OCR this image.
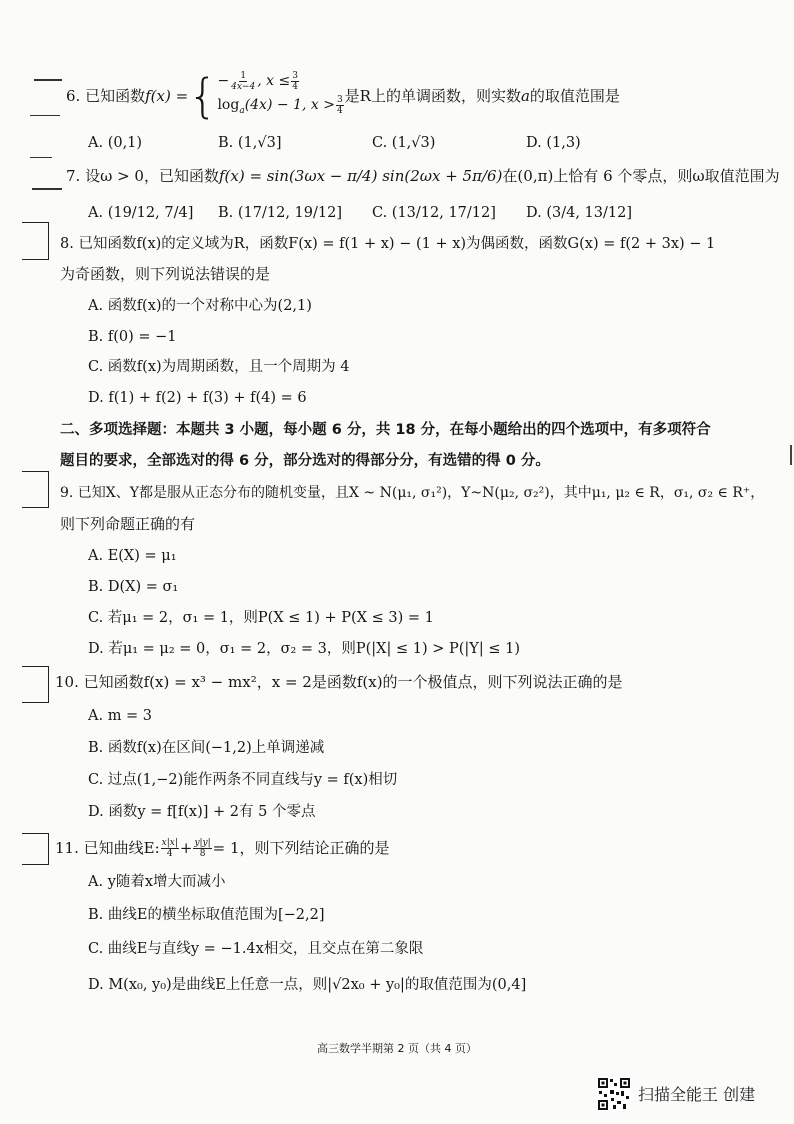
6. 已知函数 f(x) = { − $\frac{1}{4x-4}$ , $x \le \frac{3}{4}$
$\log_a(4x) - 1$, $x > \frac{3}{4}$ 是R上的单调函数，则实数 a 的取值范围是
A. (0,1)	B. (1,√3]	C. (1,√3)	D. (1,3)
7. 设ω > 0，已知函数f(x) = sin(3ωx − π/4) sin(2ωx + 5π/6)在(0,π)上恰有 6 个零点，则ω取值范围为
A. (19/12, 7/4] B. (17/12, 19/12] C. (13/12, 17/12] D. (3/4, 13/12]
8. 已知函数f(x)的定义域为R，函数F(x) = f(1 + x) − (1 + x)为偶函数，函数G(x) = f(2 + 3x) − 1
为奇函数，则下列说法错误的是
A. 函数f(x)的一个对称中心为(2,1)
B. f(0) = −1
C. 函数f(x)为周期函数，且一个周期为 4
D. f(1) + f(2) + f(3) + f(4) = 6
二、多项选择题：本题共 3 小题，每小题 6 分，共 18 分，在每小题给出的四个选项中，有多项符合
题目的要求，全部选对的得 6 分，部分选对的得部分分，有选错的得 0 分。
9. 已知X、Y都是服从正态分布的随机变量，且X ~ N(μ₁, σ₁²)，Y~N(μ₂, σ₂²)，其中μ₁, μ₂ ∈ R，σ₁, σ₂ ∈ R⁺，
则下列命题正确的有
A. E(X) = μ₁
B. D(X) = σ₁
C. 若μ₁ = 2，σ₁ = 1，则P(X ≤ 1) + P(X ≤ 3) = 1
D. 若μ₁ = μ₂ = 0，σ₁ = 2，σ₂ = 3，则P(|X| ≤ 1) > P(|Y| ≤ 1)
10. 已知函数f(x) = x³ − mx²，x = 2是函数f(x)的一个极值点，则下列说法正确的是
A. m = 3
B. 函数f(x)在区间(−1,2)上单调递减
C. 过点(1,−2)能作两条不同直线与y = f(x)相切
D. 函数y = f[f(x)] + 2有 5 个零点
11. 已知曲线E: $\frac{x|x|}{4} + \frac{y|y|}{8} = 1$，则下列结论正确的是
A. y随着x增大而减小
B. 曲线E的横坐标取值范围为[−2,2]
C. 曲线E与直线y = −1.4x相交，且交点在第二象限
D. M(x₀, y₀)是曲线E上任意一点，则|√2x₀ + y₀|的取值范围为(0,4]
高三数学半期第 2 页（共 4 页）
扫描全能王 创建
